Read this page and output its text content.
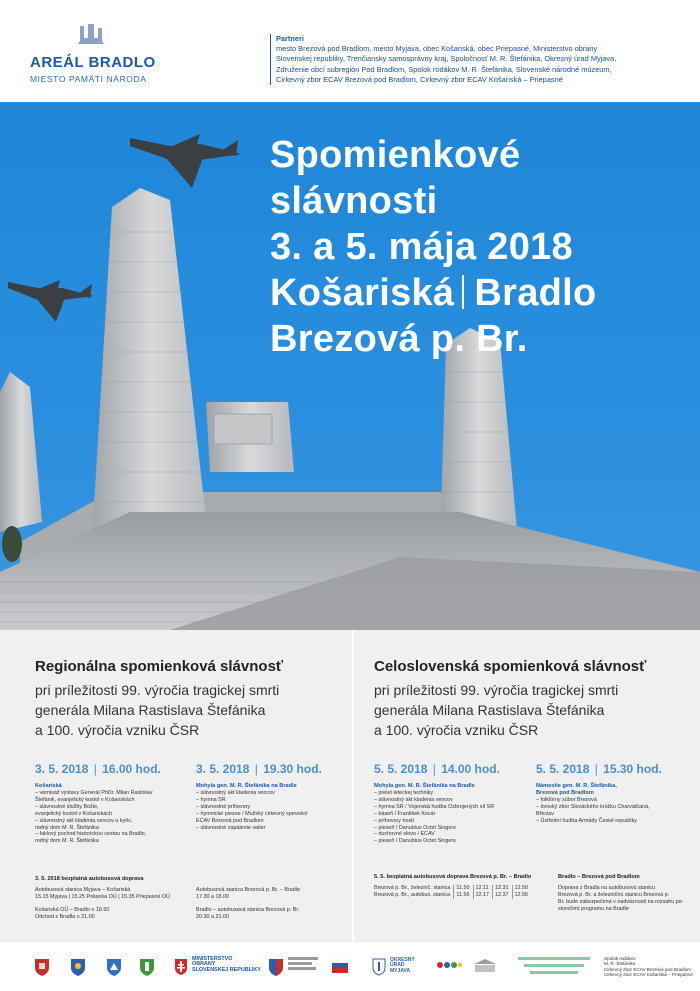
AREÁL BRADLO
MIESTO PAMÄTI NÁRODA
Partneri
mesto Brezová pod Bradlom, mesto Myjava, obec Košariská, obec Priepasné, Ministerstvo obrany
Slovenskej republiky, Trenčiansky samosprávny kraj, Spoločnosť M. R. Štefánika, Okresný úrad Myjava,
Združenie obcí subregión Pod Bradlom, Spolok rodákov M. R. Štefánika, Slovenské národné múzeum,
Cirkevný zbor ECAV Brezová pod Bradlom, Cirkevný zbor ECAV Košariská – Priepasné
Spomienkové
slávnosti
3. a 5. mája 2018
Košariská Bradlo
Brezová p. Br.
Regionálna spomienková slávnosť
pri príležitosti 99. výročia tragickej smrti
generála Milana Rastislava Štefánika
a 100. výročia vzniku ČSR
3. 5. 2018 | 16.00 hod.	3. 5. 2018 | 19.30 hod.
Košariská
– vernisáž výstavy Generál PhDr. Milan Rastislav
Štefánik, evanjelický kostol v Košariskách
– slávnostné služby Božie,
evanjelický kostol v Košariskách
– slávnostný akt kladenia vencov a kytíc,
rodný dom M. R. Štefánika
– faklový pochod historickou cestou na Bradlo,
rodný dom M. R. Štefánika
Mohyla gen. M. R. Štefánika na Bradle
– slávnostný akt kladenia vencov
– hymna SR
– slávnostné príhovory
– hymnické piesne / Mužský cirkevný spevokol
ECAV Brezová pod Bradlom
– slávnostné zapálenie vatier
3. 5. 2018 bezplatná autobusová doprava
Autobusová stanica Myjava – Košariská
15.15 Myjava | 15.25 Polianka OÚ | 15.35 Priepasné OÚ
Košariská OÚ – Bradlo o 18.50
Odchod z Bradla o 21.00
Autobusová stanica Brezová p. Br. – Bradlo
17.30 a 18.00
Bradlo – autobusová stanica Brezová p. Br.
20.30 a 21.00
Celoslovenská spomienková slávnosť
pri príležitosti 99. výročia tragickej smrti
generála Milana Rastislava Štefánika
a 100. výročia vzniku ČSR
5. 5. 2018 | 14.00 hod.	5. 5. 2018 | 15.30 hod.
Mohyla gen. M. R. Štefánika na Bradle
– prelet leteckej techniky
– slávnostný akt kladenia vencov
– hymna SR / Vojenská hudba Ozbrojených síl SR
– báseň / František Kovár
– príhovory hostí
– pieseň / Danubius Octet Singers
– duchovné slovo / ECAV
– pieseň / Danubius Octet Singers
Námestie gen. M. R. Štefánika, Brezová pod Bradlom
– folklórny súbor Brezová
– ženský zbor Slováckého krúžku Charvátčaná,
Břeclav
– Ústřední hudba Armády České republiky
5. 5. bezplatná autobusová doprava Brezová p. Br. – Bradlo
Brezová p. Br., železnič. stanica	11.50	12.11	12.31	12.50
Brezová p. Br., autobus. stanica	11.56	12.17	12.37	12.56
Bradlo – Brezová pod Bradlom
Doprava z Bradla na autobusovú stanicu
Brezová p. Br. a železničnú stanicu Brezová p.
Br. bude zabezpečená v nadväznosti na rozsahu po
skončení programu na Bradle
MINISTERSTVO
OBRANY
SLOVENSKEJ REPUBLIKY
OKRESNÝ
ÚRAD
MYJAVA
Spolok rodákov
M. R. Štefánika
Cirkevný zbor ECAV Brezová pod Bradlom
Cirkevný zbor ECAV Košariská – Priepasné
